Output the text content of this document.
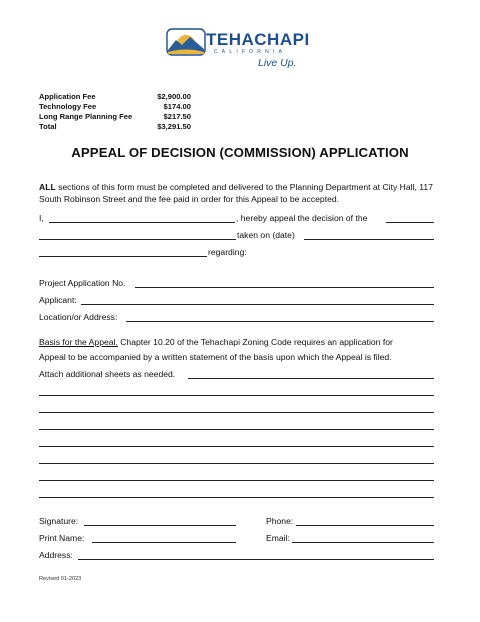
TEHACHAPI
CALIFORNIA
Live Up.
Application Fee	$2,900.00
Technology Fee	$174.00
Long Range Planning Fee	$217.50
Total	$3,291.50
APPEAL OF DECISION (COMMISSION) APPLICATION
ALL sections of this form must be completed and delivered to the Planning Department at City Hall, 117 South Robinson Street and the fee paid in order for this Appeal to be accepted.
I,	, hereby appeal the decision of the
taken on (date)
regarding:
Project Application No.
Applicant:
Location/or Address:
Basis for the Appeal. Chapter 10.20 of the Tehachapi Zoning Code requires an application for
Appeal to be accompanied by a written statement of the basis upon which the Appeal is filed.
Attach additional sheets as needed.
Signature:	Phone:
Print Name:	Email:
Address:
Revised 01-2023
